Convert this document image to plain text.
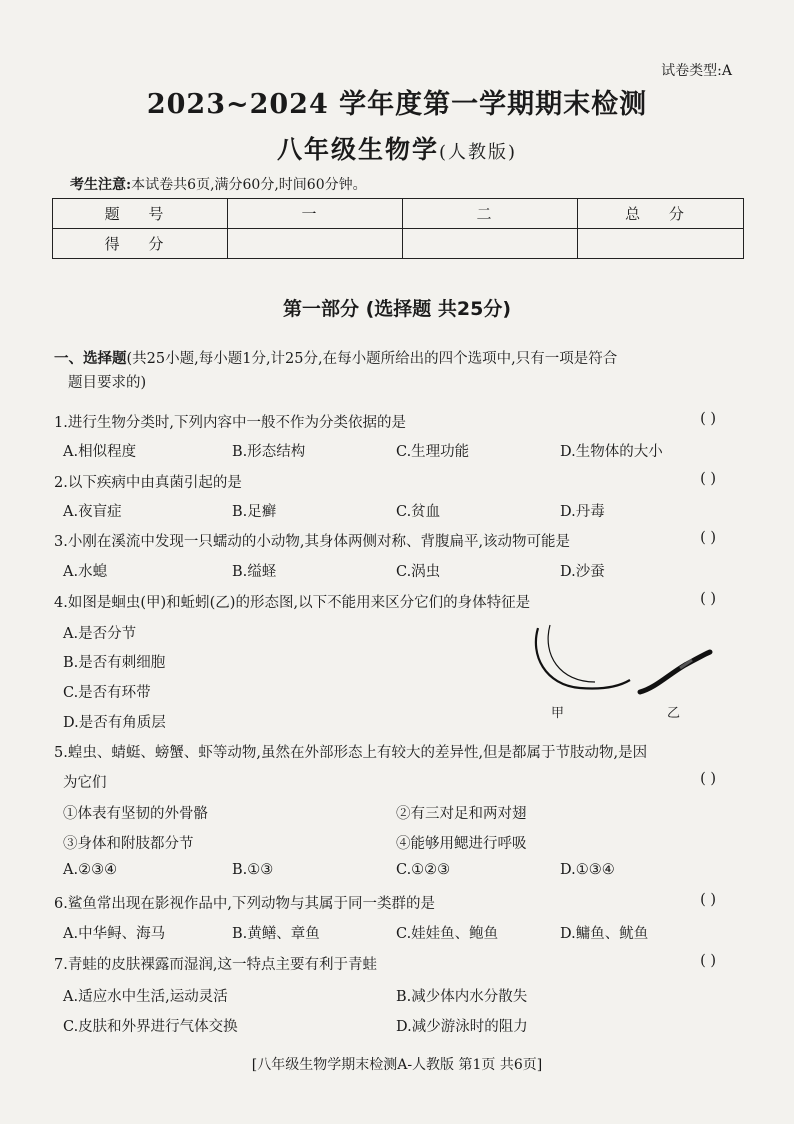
试卷类型:A
2023~2024 学年度第一学期期末检测
八年级生物学(人教版)
考生注意:本试卷共6页,满分60分,时间60分钟。
题 号	一	二	总 分
得 分			
第一部分 (选择题 共25分)
一、选择题(共25小题,每小题1分,计25分,在每小题所给出的四个选项中,只有一项是符合
题目要求的)
1.进行生物分类时,下列内容中一般不作为分类依据的是	( )
A.相似程度	B.形态结构	C.生理功能	D.生物体的大小
2.以下疾病中由真菌引起的是	( )
A.夜盲症	B.足癣	C.贫血	D.丹毒
3.小刚在溪流中发现一只蠕动的小动物,其身体两侧对称、背腹扁平,该动物可能是	( )
A.水螅	B.缢蛏	C.涡虫	D.沙蚕
4.如图是蛔虫(甲)和蚯蚓(乙)的形态图,以下不能用来区分它们的身体特征是	( )
A.是否分节
B.是否有刺细胞
C.是否有环带
D.是否有角质层
甲	乙
5.蝗虫、蜻蜓、螃蟹、虾等动物,虽然在外部形态上有较大的差异性,但是都属于节肢动物,是因
为它们	( )
①体表有坚韧的外骨骼	②有三对足和两对翅
③身体和附肢都分节	④能够用鳃进行呼吸
A.②③④	B.①③	C.①②③	D.①③④
6.鲨鱼常出现在影视作品中,下列动物与其属于同一类群的是	( )
A.中华鲟、海马	B.黄鳝、章鱼	C.娃娃鱼、鲍鱼	D.鳙鱼、鱿鱼
7.青蛙的皮肤裸露而湿润,这一特点主要有利于青蛙	( )
A.适应水中生活,运动灵活	B.减少体内水分散失
C.皮肤和外界进行气体交换	D.减少游泳时的阻力
[八年级生物学期末检测A-人教版 第1页 共6页]
